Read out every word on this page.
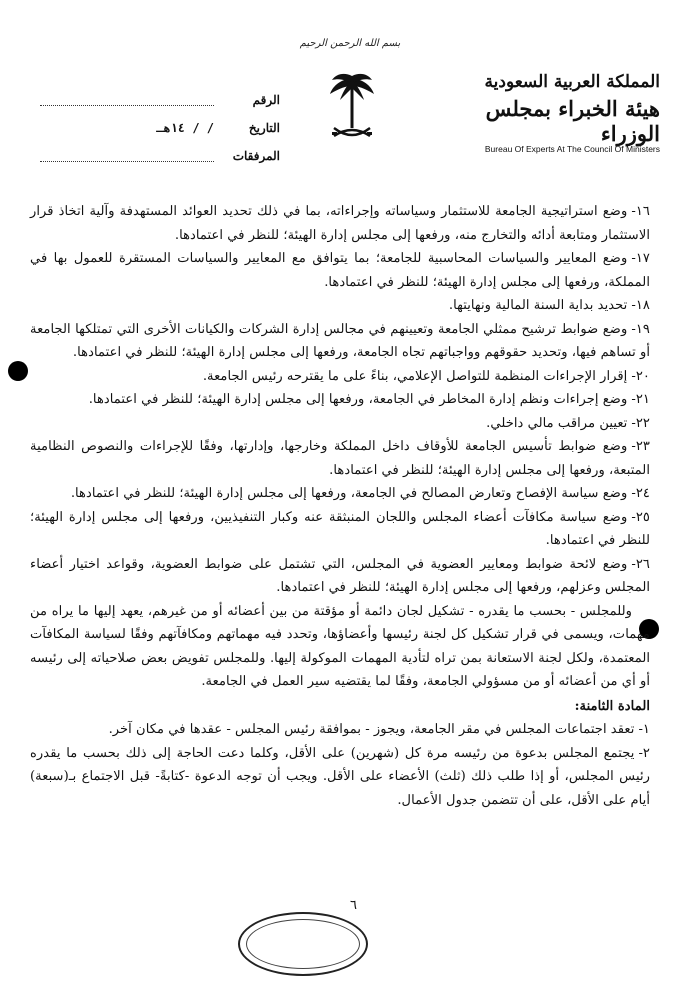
بسم الله الرحمن الرحيم
المملكة العربية السعودية
هيئة الخبراء بمجلس الوزراء
Bureau Of Experts At The Council Of Ministers
الرقم
التاريخ
/ / ١٤هـ
المرفقات
١٦-وضع استراتيجية الجامعة للاستثمار وسياساته وإجراءاته، بما في ذلك تحديد العوائد المستهدفة وآلية اتخاذ قرار الاستثمار ومتابعة أدائه والتخارج منه، ورفعها إلى مجلس إدارة الهيئة؛ للنظر في اعتمادها.
١٧-وضع المعايير والسياسات المحاسبية للجامعة؛ بما يتوافق مع المعايير والسياسات المستقرة للعمول بها في المملكة، ورفعها إلى مجلس إدارة الهيئة؛ للنظر في اعتمادها.
١٨-تحديد بداية السنة المالية ونهايتها.
١٩-وضع ضوابط ترشيح ممثلي الجامعة وتعيينهم في مجالس إدارة الشركات والكيانات الأخرى التي تمتلكها الجامعة أو تساهم فيها، وتحديد حقوقهم وواجباتهم تجاه الجامعة، ورفعها إلى مجلس إدارة الهيئة؛ للنظر في اعتمادها.
٢٠-إقرار الإجراءات المنظمة للتواصل الإعلامي، بناءً على ما يقترحه رئيس الجامعة.
٢١-وضع إجراءات ونظم إدارة المخاطر في الجامعة، ورفعها إلى مجلس إدارة الهيئة؛ للنظر في اعتمادها.
٢٢-تعيين مراقب مالي داخلي.
٢٣-وضع ضوابط تأسيس الجامعة للأوقاف داخل المملكة وخارجها، وإدارتها، وفقًا للإجراءات والنصوص النظامية المتبعة، ورفعها إلى مجلس إدارة الهيئة؛ للنظر في اعتمادها.
٢٤-وضع سياسة الإفصاح وتعارض المصالح في الجامعة، ورفعها إلى مجلس إدارة الهيئة؛ للنظر في اعتمادها.
٢٥-وضع سياسة مكافآت أعضاء المجلس واللجان المنبثقة عنه وكبار التنفيذيين، ورفعها إلى مجلس إدارة الهيئة؛ للنظر في اعتمادها.
٢٦-وضع لائحة ضوابط ومعايير العضوية في المجلس، التي تشتمل على ضوابط العضوية، وقواعد اختيار أعضاء المجلس وعزلهم، ورفعها إلى مجلس إدارة الهيئة؛ للنظر في اعتمادها.
وللمجلس - بحسب ما يقدره - تشكيل لجان دائمة أو مؤقتة من بين أعضائه أو من غيرهم، يعهد إليها ما يراه من مهمات، ويسمى في قرار تشكيل كل لجنة رئيسها وأعضاؤها، وتحدد فيه مهماتهم ومكافآتهم وفقًا لسياسة المكافآت المعتمدة، ولكل لجنة الاستعانة بمن تراه لتأدية المهمات الموكولة إليها. وللمجلس تفويض بعض صلاحياته إلى رئيسه أو أي من أعضائه أو من مسؤولي الجامعة، وفقًا لما يقتضيه سير العمل في الجامعة.
المادة الثامنة:
١-تعقد اجتماعات المجلس في مقر الجامعة، ويجوز - بموافقة رئيس المجلس - عقدها في مكان آخر.
٢-يجتمع المجلس بدعوة من رئيسه مرة كل (شهرين) على الأقل، وكلما دعت الحاجة إلى ذلك بحسب ما يقدره رئيس المجلس، أو إذا طلب ذلك (ثلث) الأعضاء على الأقل. ويجب أن توجه الدعوة -كتابةً- قبل الاجتماع بـ(سبعة) أيام على الأقل، على أن تتضمن جدول الأعمال.
٦
